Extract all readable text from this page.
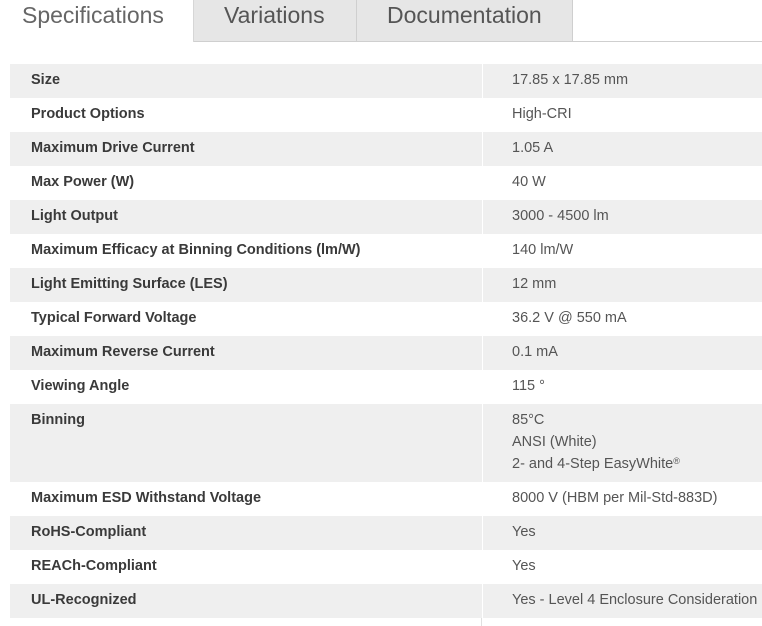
Specifications	Variations	Documentation
Size		17.85 x 17.85 mm
Product Options		High-CRI
Maximum Drive Current		1.05 A
Max Power (W)		40 W
Light Output		3000 - 4500 lm
Maximum Efficacy at Binning Conditions (lm/W)		140 lm/W
Light Emitting Surface (LES)		12 mm
Typical Forward Voltage		36.2 V @ 550 mA
Maximum Reverse Current		0.1 mA
Viewing Angle		115 °
Binning		85°C
ANSI (White)
2- and 4-Step EasyWhite®

Maximum ESD Withstand Voltage		8000 V (HBM per Mil-Std-883D)
RoHS-Compliant		Yes
REACh-Compliant		Yes
UL-Recognized		Yes - Level 4 Enclosure Consideration
